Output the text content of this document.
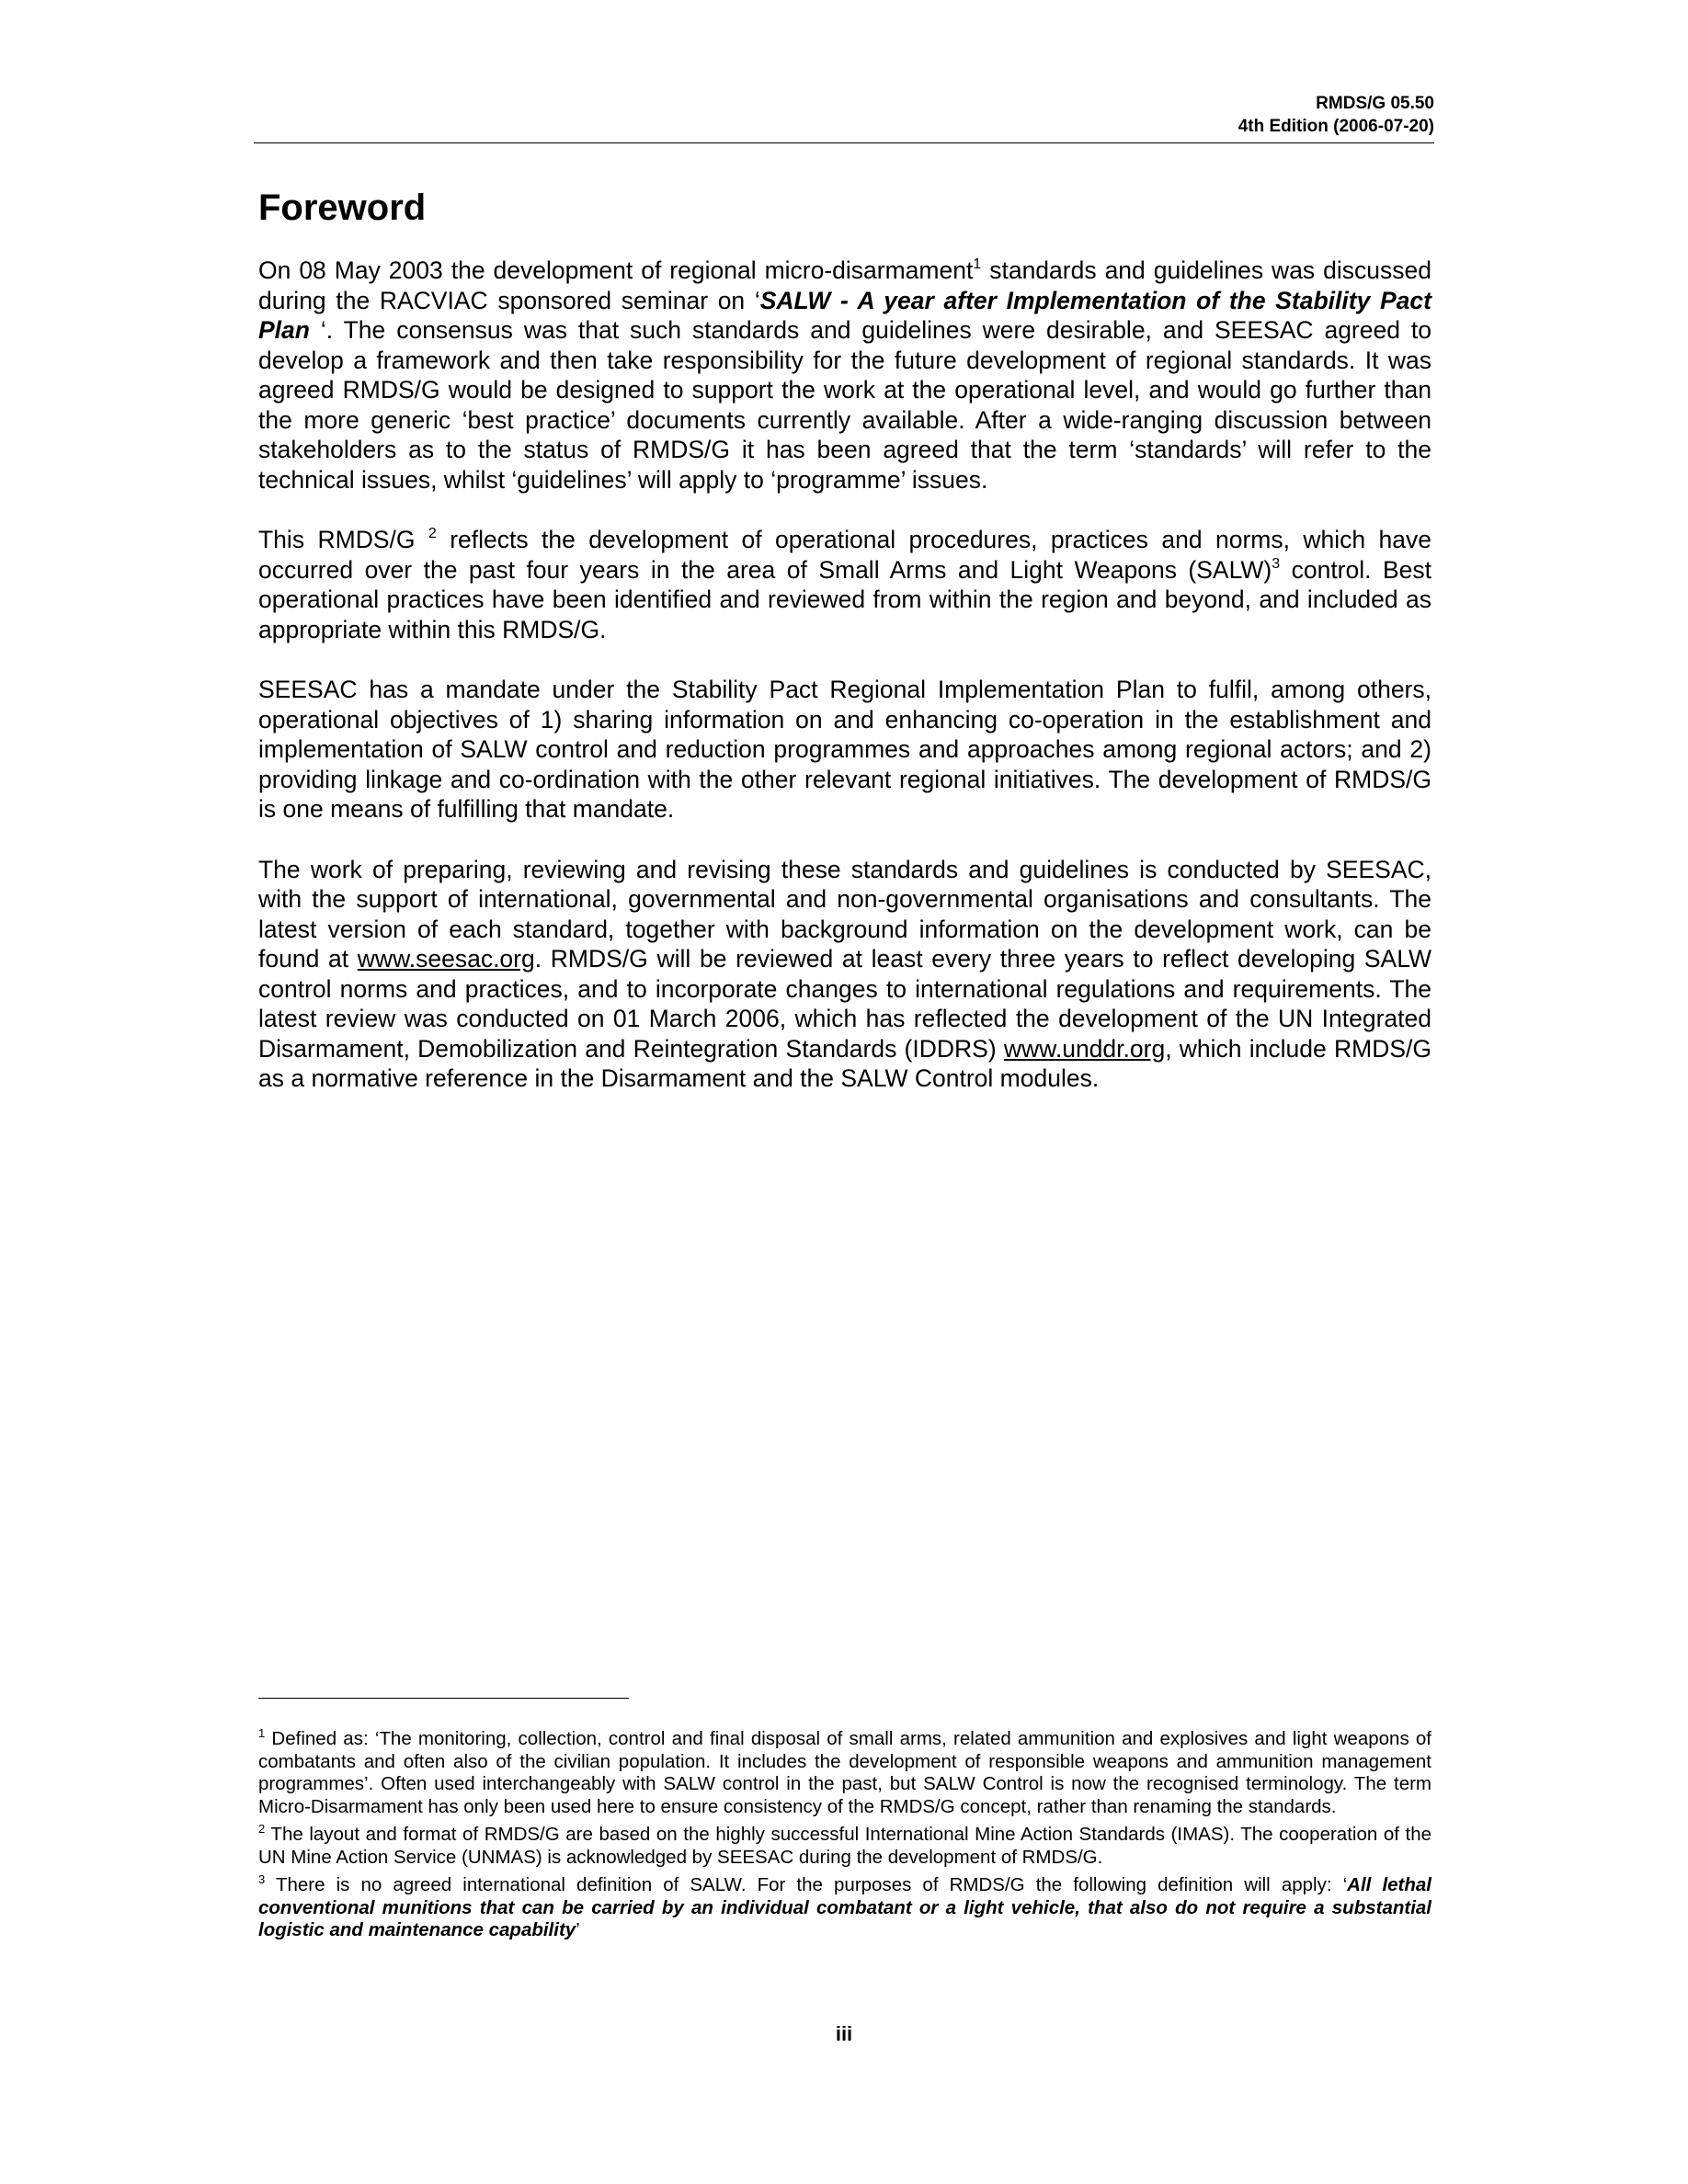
RMDS/G 05.50
4th Edition (2006-07-20)
Foreword

On 08 May 2003 the development of regional micro-disarmament$^1$ standards and guidelines was discussed during the RACVIAC sponsored seminar on ‘SALW - A year after Implementation of the Stability Pact Plan ‘. The consensus was that such standards and guidelines were desirable, and SEESAC agreed to develop a framework and then take responsibility for the future development of regional standards. It was agreed RMDS/G would be designed to support the work at the operational level, and would go further than the more generic ‘best practice’ documents currently available. After a wide-ranging discussion between stakeholders as to the status of RMDS/G it has been agreed that the term ‘standards’ will refer to the technical issues, whilst ‘guidelines’ will apply to ‘programme’ issues.

This RMDS/G $^2$ reflects the development of operational procedures, practices and norms, which have occurred over the past four years in the area of Small Arms and Light Weapons (SALW)$^3$ control. Best operational practices have been identified and reviewed from within the region and beyond, and included as appropriate within this RMDS/G.

SEESAC has a mandate under the Stability Pact Regional Implementation Plan to fulfil, among others, operational objectives of 1) sharing information on and enhancing co-operation in the establishment and implementation of SALW control and reduction programmes and approaches among regional actors; and 2) providing linkage and co-ordination with the other relevant regional initiatives. The development of RMDS/G is one means of fulfilling that mandate.

The work of preparing, reviewing and revising these standards and guidelines is conducted by SEESAC, with the support of international, governmental and non-governmental organisations and consultants. The latest version of each standard, together with background information on the development work, can be found at www.seesac.org. RMDS/G will be reviewed at least every three years to reflect developing SALW control norms and practices, and to incorporate changes to international regulations and requirements. The latest review was conducted on 01 March 2006, which has reflected the development of the UN Integrated Disarmament, Demobilization and Reintegration Standards (IDDRS) www.unddr.org, which include RMDS/G as a normative reference in the Disarmament and the SALW Control modules.

$^1$ Defined as: ‘The monitoring, collection, control and final disposal of small arms, related ammunition and explosives and light weapons of combatants and often also of the civilian population. It includes the development of responsible weapons and ammunition management programmes’. Often used interchangeably with SALW control in the past, but SALW Control is now the recognised terminology. The term Micro-Disarmament has only been used here to ensure consistency of the RMDS/G concept, rather than renaming the standards.

$^2$ The layout and format of RMDS/G are based on the highly successful International Mine Action Standards (IMAS). The cooperation of the UN Mine Action Service (UNMAS) is acknowledged by SEESAC during the development of RMDS/G.

$^3$ There is no agreed international definition of SALW. For the purposes of RMDS/G the following definition will apply: ‘All lethal conventional munitions that can be carried by an individual combatant or a light vehicle, that also do not require a substantial logistic and maintenance capability’

iii
